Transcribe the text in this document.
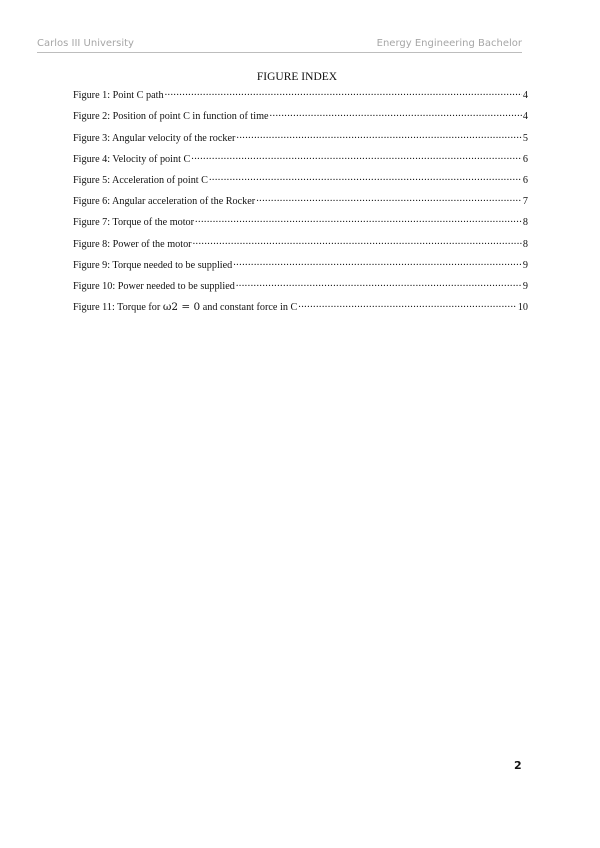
Carlos III University	Energy Engineering Bachelor
FIGURE INDEX
Figure 1: Point C path .....	4
Figure 2: Position of point C in function of time .....	4
Figure 3: Angular velocity of the rocker .....	5
Figure 4: Velocity of point C .....	6
Figure 5: Acceleration of point C .....	6
Figure 6: Angular acceleration of the Rocker .....	7
Figure 7: Torque of the motor .....	8
Figure 8: Power of the motor .....	8
Figure 9: Torque needed to be supplied .....	9
Figure 10: Power needed to be supplied .....	9
Figure 11: Torque for ω2 = 0 and constant force in C .....	10
2
